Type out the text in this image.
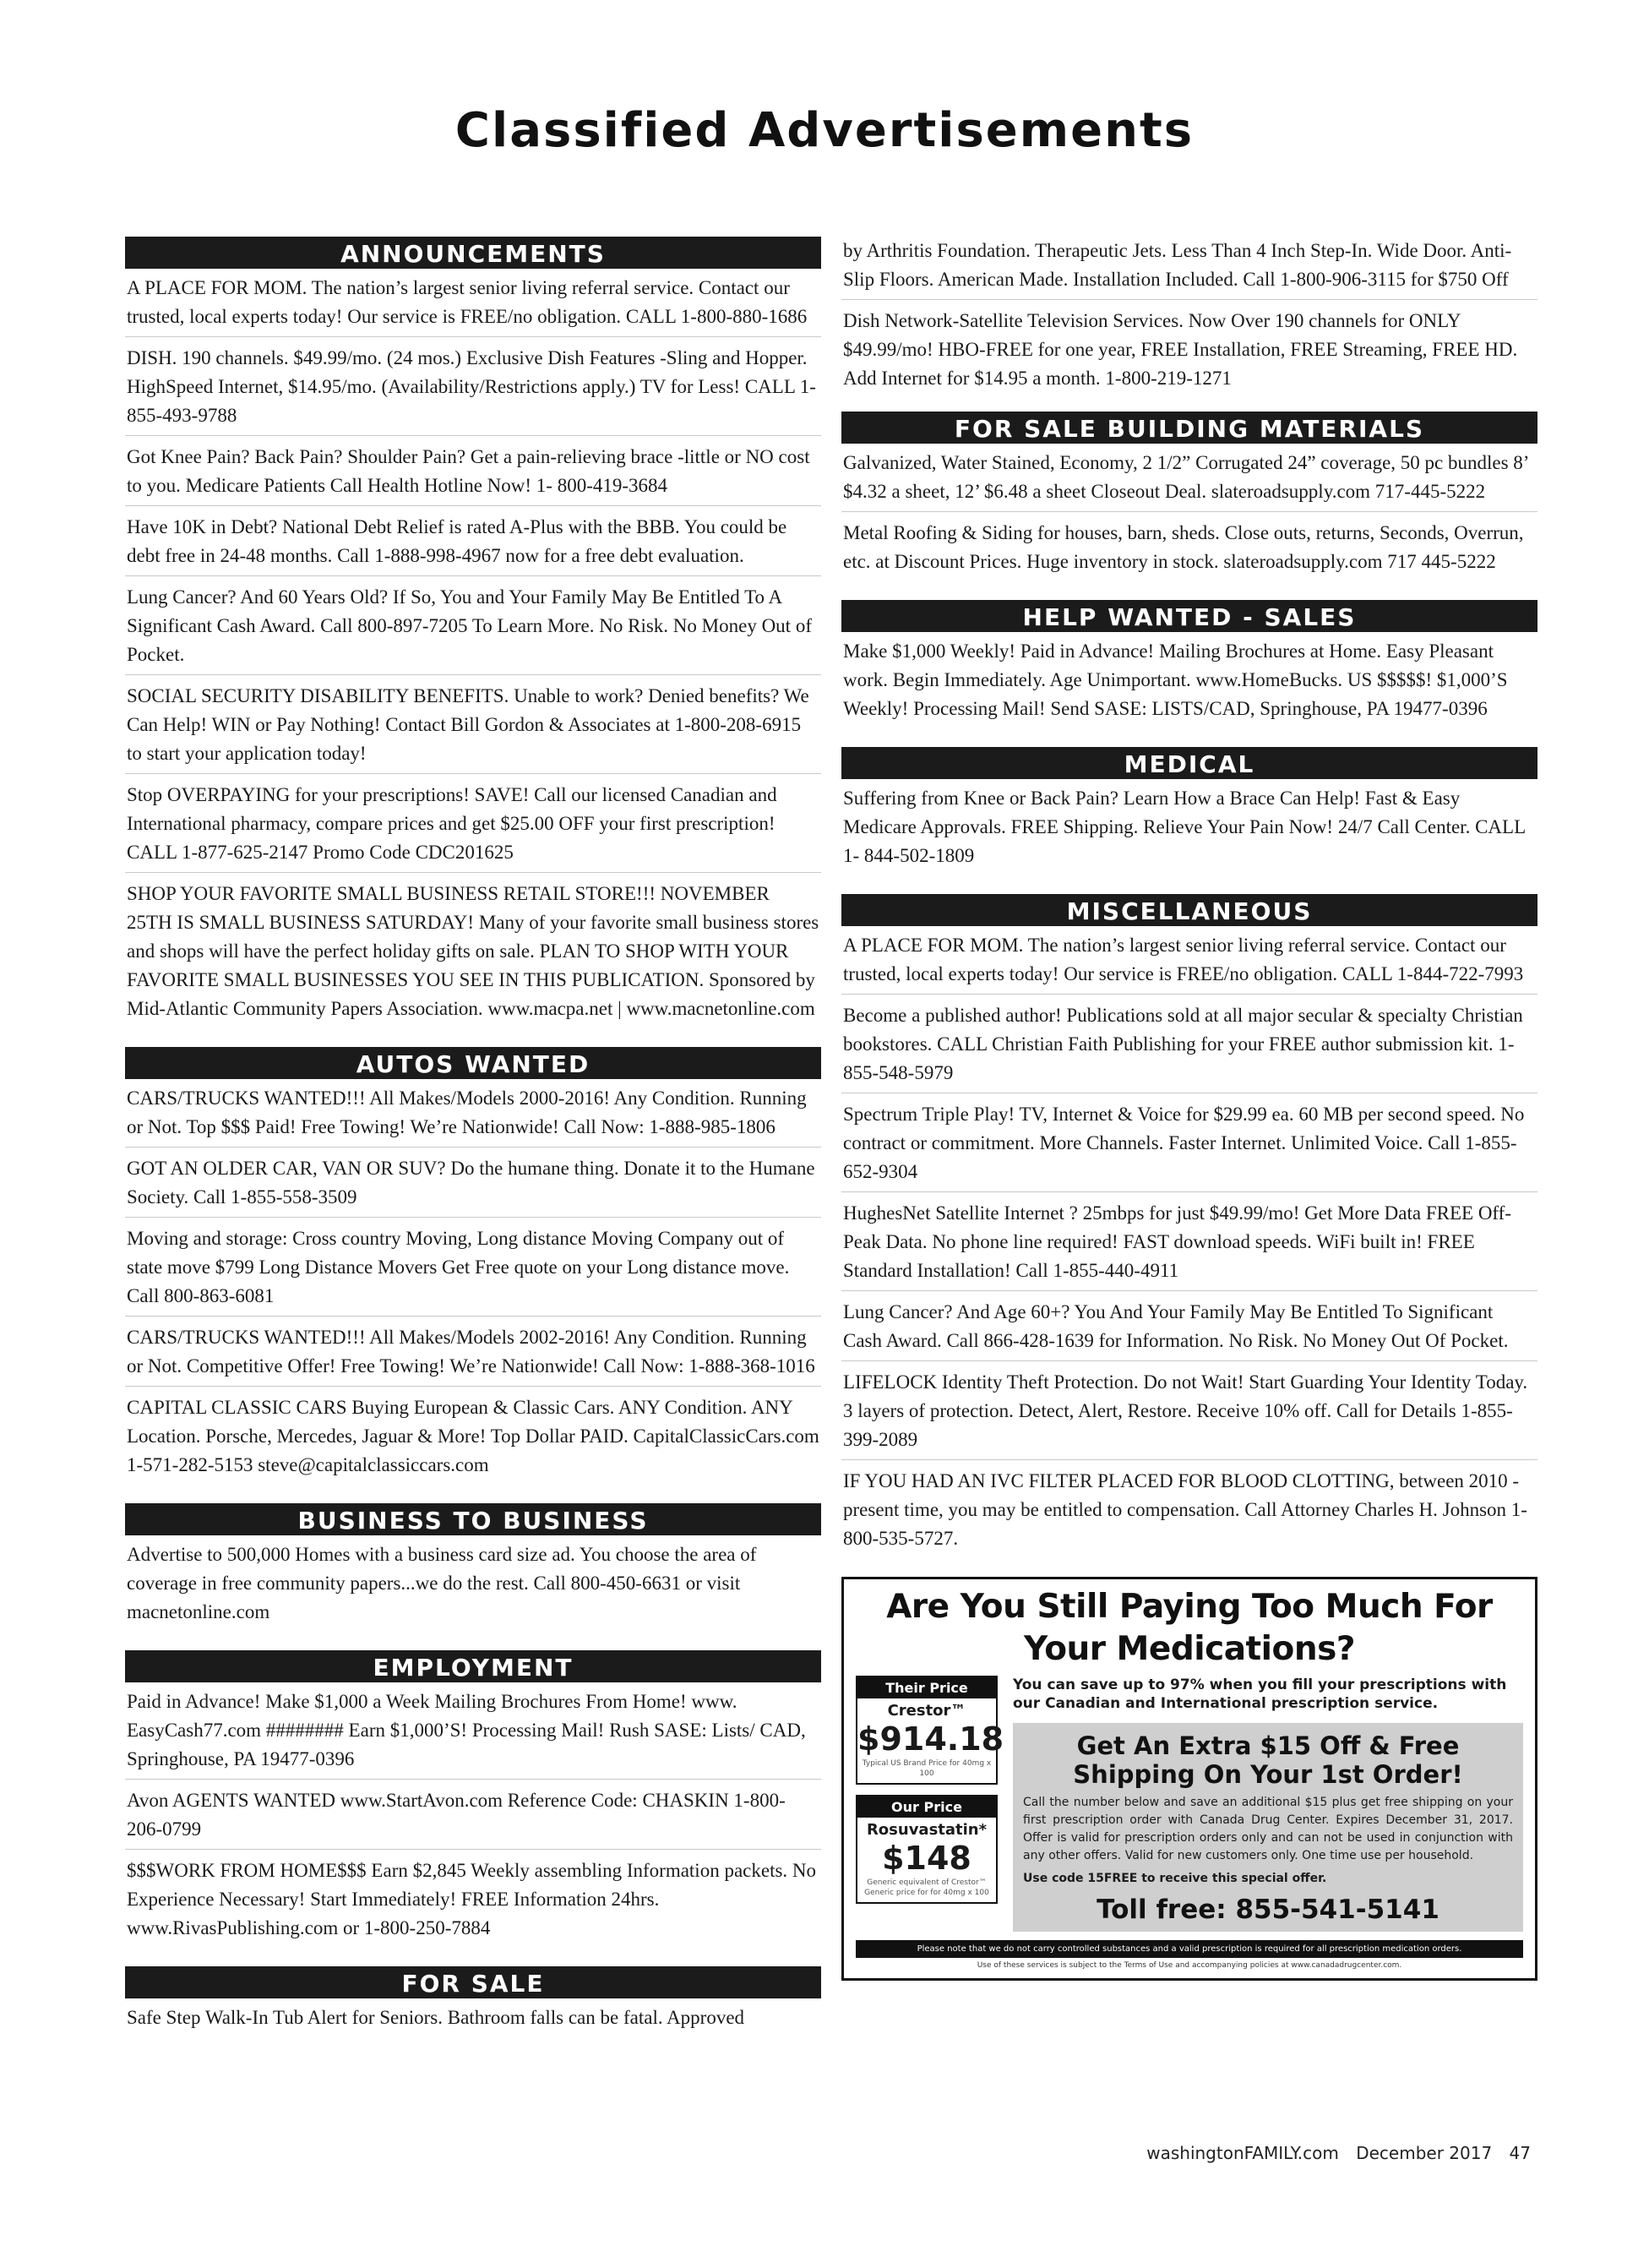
Classified Advertisements
ANNOUNCEMENTS
A PLACE FOR MOM. The nation’s largest senior living referral service. Contact our trusted, local experts today! Our service is FREE/no obligation. CALL 1-800-880-1686
DISH. 190 channels. $49.99/mo. (24 mos.) Exclusive Dish Features -Sling and Hopper. HighSpeed Internet, $14.95/mo. (Availability/Restrictions apply.) TV for Less! CALL 1-855-493-9788
Got Knee Pain? Back Pain? Shoulder Pain? Get a pain-relieving brace -little or NO cost to you. Medicare Patients Call Health Hotline Now! 1- 800-419-3684
Have 10K in Debt? National Debt Relief is rated A-Plus with the BBB. You could be debt free in 24-48 months. Call 1-888-998-4967 now for a free debt evaluation.
Lung Cancer? And 60 Years Old? If So, You and Your Family May Be Entitled To A Significant Cash Award. Call 800-897-7205 To Learn More. No Risk. No Money Out of Pocket.
SOCIAL SECURITY DISABILITY BENEFITS. Unable to work? Denied benefits? We Can Help! WIN or Pay Nothing! Contact Bill Gordon & Associates at 1-800-208-6915 to start your application today!
Stop OVERPAYING for your prescriptions! SAVE! Call our licensed Canadian and International pharmacy, compare prices and get $25.00 OFF your first prescription! CALL 1-877-625-2147 Promo Code CDC201625
SHOP YOUR FAVORITE SMALL BUSINESS RETAIL STORE!!! NOVEMBER 25TH IS SMALL BUSINESS SATURDAY! Many of your favorite small business stores and shops will have the perfect holiday gifts on sale. PLAN TO SHOP WITH YOUR FAVORITE SMALL BUSINESSES YOU SEE IN THIS PUBLICATION. Sponsored by Mid-Atlantic Community Papers Association. www.macpa.net | www.macnetonline.com
AUTOS WANTED
CARS/TRUCKS WANTED!!! All Makes/Models 2000-2016! Any Condition. Running or Not. Top $$$ Paid! Free Towing! We’re Nationwide! Call Now: 1-888-985-1806
GOT AN OLDER CAR, VAN OR SUV? Do the humane thing. Donate it to the Humane Society. Call 1-855-558-3509
Moving and storage: Cross country Moving, Long distance Moving Company out of state move $799 Long Distance Movers Get Free quote on your Long distance move. Call 800-863-6081
CARS/TRUCKS WANTED!!! All Makes/Models 2002-2016! Any Condition. Running or Not. Competitive Offer! Free Towing! We’re Nationwide! Call Now: 1-888-368-1016
CAPITAL CLASSIC CARS Buying European & Classic Cars. ANY Condition. ANY Location. Porsche, Mercedes, Jaguar & More! Top Dollar PAID. CapitalClassicCars.com 1-571-282-5153 steve@capitalclassiccars.com
BUSINESS TO BUSINESS
Advertise to 500,000 Homes with a business card size ad. You choose the area of coverage in free community papers...we do the rest. Call 800-450-6631 or visit macnetonline.com
EMPLOYMENT
Paid in Advance! Make $1,000 a Week Mailing Brochures From Home! www. EasyCash77.com ######## Earn $1,000’S! Processing Mail! Rush SASE: Lists/ CAD, Springhouse, PA 19477-0396
Avon AGENTS WANTED www.StartAvon.com Reference Code: CHASKIN 1-800-206-0799
$$$WORK FROM HOME$$$ Earn $2,845 Weekly assembling Information packets. No Experience Necessary! Start Immediately! FREE Information 24hrs. www.RivasPublishing.com or 1-800-250-7884
FOR SALE
Safe Step Walk-In Tub Alert for Seniors. Bathroom falls can be fatal. Approved
by Arthritis Foundation. Therapeutic Jets. Less Than 4 Inch Step-In. Wide Door. Anti-Slip Floors. American Made. Installation Included. Call 1-800-906-3115 for $750 Off
Dish Network-Satellite Television Services. Now Over 190 channels for ONLY $49.99/mo! HBO-FREE for one year, FREE Installation, FREE Streaming, FREE HD. Add Internet for $14.95 a month. 1-800-219-1271
FOR SALE BUILDING MATERIALS
Galvanized, Water Stained, Economy, 2 1/2” Corrugated 24” coverage, 50 pc bundles 8’ $4.32 a sheet, 12’ $6.48 a sheet Closeout Deal. slateroadsupply.com 717-445-5222
Metal Roofing & Siding for houses, barn, sheds. Close outs, returns, Seconds, Overrun, etc. at Discount Prices. Huge inventory in stock. slateroadsupply.com 717 445-5222
HELP WANTED - SALES
Make $1,000 Weekly! Paid in Advance! Mailing Brochures at Home. Easy Pleasant work. Begin Immediately. Age Unimportant. www.HomeBucks. US $$$$$! $1,000’S Weekly! Processing Mail! Send SASE: LISTS/CAD, Springhouse, PA 19477-0396
MEDICAL
Suffering from Knee or Back Pain? Learn How a Brace Can Help! Fast & Easy Medicare Approvals. FREE Shipping. Relieve Your Pain Now! 24/7 Call Center. CALL 1- 844-502-1809
MISCELLANEOUS
A PLACE FOR MOM. The nation’s largest senior living referral service. Contact our trusted, local experts today! Our service is FREE/no obligation. CALL 1-844-722-7993
Become a published author! Publications sold at all major secular & specialty Christian bookstores. CALL Christian Faith Publishing for your FREE author submission kit. 1-855-548-5979
Spectrum Triple Play! TV, Internet & Voice for $29.99 ea. 60 MB per second speed. No contract or commitment. More Channels. Faster Internet. Unlimited Voice. Call 1-855-652-9304
HughesNet Satellite Internet ? 25mbps for just $49.99/mo! Get More Data FREE Off-Peak Data. No phone line required! FAST download speeds. WiFi built in! FREE Standard Installation! Call 1-855-440-4911
Lung Cancer? And Age 60+? You And Your Family May Be Entitled To Significant Cash Award. Call 866-428-1639 for Information. No Risk. No Money Out Of Pocket.
LIFELOCK Identity Theft Protection. Do not Wait! Start Guarding Your Identity Today. 3 layers of protection. Detect, Alert, Restore. Receive 10% off. Call for Details 1-855-399-2089
IF YOU HAD AN IVC FILTER PLACED FOR BLOOD CLOTTING, between 2010 - present time, you may be entitled to compensation. Call Attorney Charles H. Johnson 1-800-535-5727.
Are You Still Paying Too Much For Your Medications?
Their Price
Crestor™
$914.18
Typical US Brand Price for 40mg x 100
Our Price
Rosuvastatin*
$148
Generic equivalent of Crestor™ Generic price for for 40mg x 100
You can save up to 97% when you fill your prescriptions with our Canadian and International prescription service.
Get An Extra $15 Off & Free Shipping On Your 1st Order!
Call the number below and save an additional $15 plus get free shipping on your first prescription order with Canada Drug Center. Expires December 31, 2017. Offer is valid for prescription orders only and can not be used in conjunction with any other offers. Valid for new customers only. One time use per household.
Use code 15FREE to receive this special offer.
Toll free: 855-541-5141
Please note that we do not carry controlled substances and a valid prescription is required for all prescription medication orders.
Use of these services is subject to the Terms of Use and accompanying policies at www.canadadrugcenter.com.
washingtonFAMILY.com December 2017 47
